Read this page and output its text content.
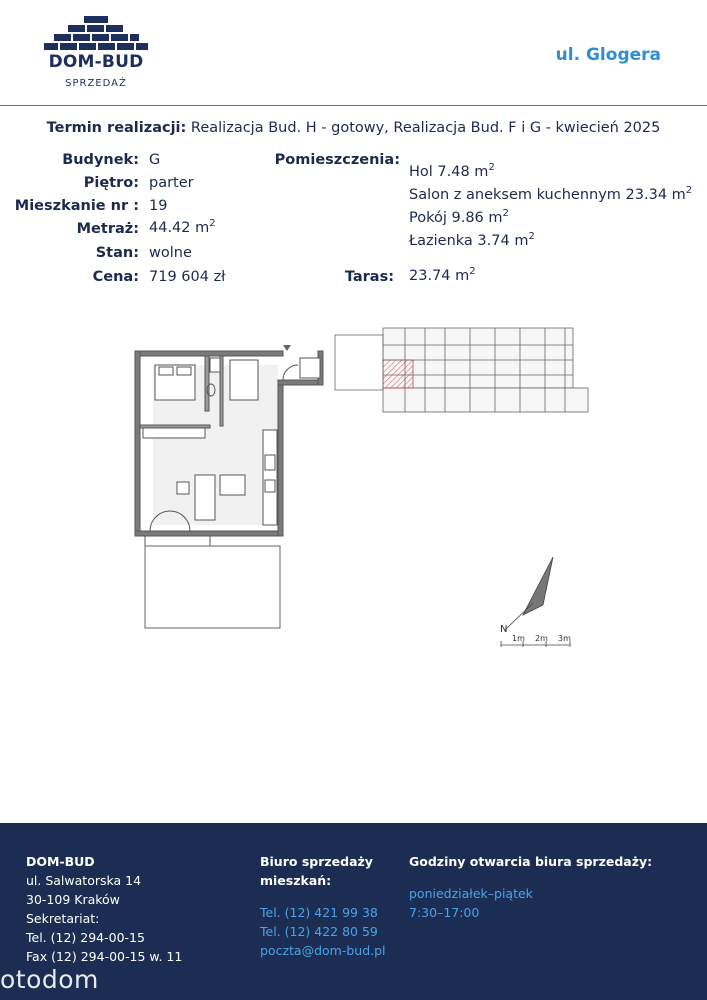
DOM-BUD
SPRZEDAŻ
ul. Glogera
Termin realizacji: Realizacja Bud. H - gotowy, Realizacja Bud. F i G - kwiecień 2025
Budynek: G
Piętro: parter
Mieszkanie nr : 19
Metraż: 44.42 $m^2$
Stan: wolne
Cena: 719 604 zł
Pomieszczenia:
Hol 7.48 $m^2$
Salon z aneksem kuchennym 23.34 $m^2$
Pokój 9.86 $m^2$
Łazienka 3.74 $m^2$
Taras: 23.74 $m^2$
N
1m 2m 3m
DOM-BUD
ul. Salwatorska 14
30-109 Kraków
Sekretariat:
Tel. (12) 294-00-15
Fax (12) 294-00-15 w. 11
Biuro sprzedaży
mieszkań:
Tel. (12) 421 99 38
Tel. (12) 422 80 59
poczta@dom-bud.pl
Godziny otwarcia biura sprzedaży:
poniedziałek–piątek
7:30–17:00
otodom
